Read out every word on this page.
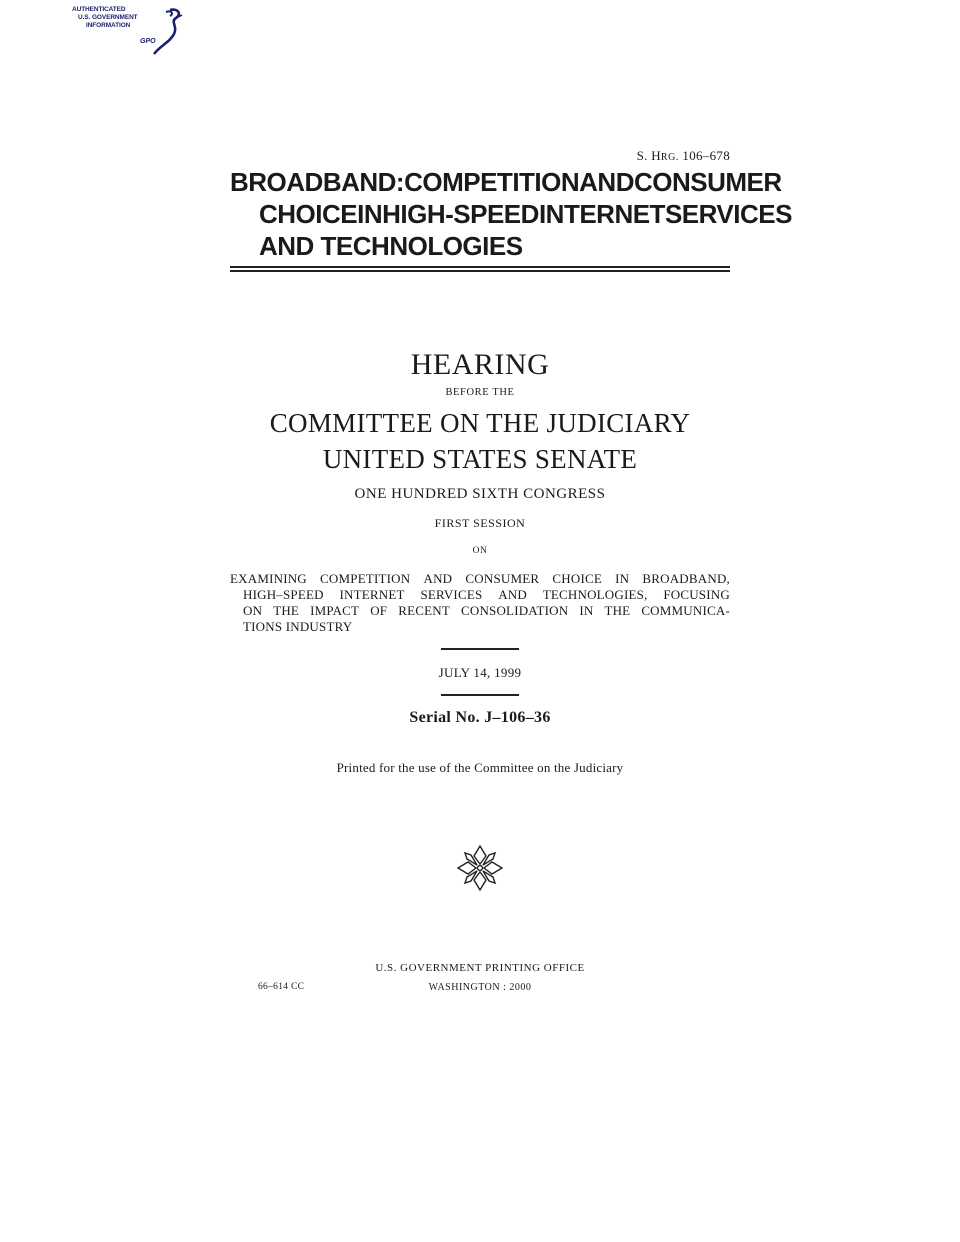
AUTHENTICATED
U.S. GOVERNMENT
INFORMATION
GPO
S. HRG. 106–678
BROADBAND: COMPETITION AND CONSUMER
CHOICE IN HIGH-SPEED INTERNET SERVICES
AND TECHNOLOGIES
HEARING
BEFORE THE
COMMITTEE ON THE JUDICIARY
UNITED STATES SENATE
ONE HUNDRED SIXTH CONGRESS
FIRST SESSION
ON
EXAMINING COMPETITION AND CONSUMER CHOICE IN BROADBAND,
HIGH–SPEED INTERNET SERVICES AND TECHNOLOGIES, FOCUSING
ON THE IMPACT OF RECENT CONSOLIDATION IN THE COMMUNICA-
TIONS INDUSTRY
JULY 14, 1999
Serial No. J–106–36
Printed for the use of the Committee on the Judiciary
U.S. GOVERNMENT PRINTING OFFICE
66–614 CC	WASHINGTON : 2000
